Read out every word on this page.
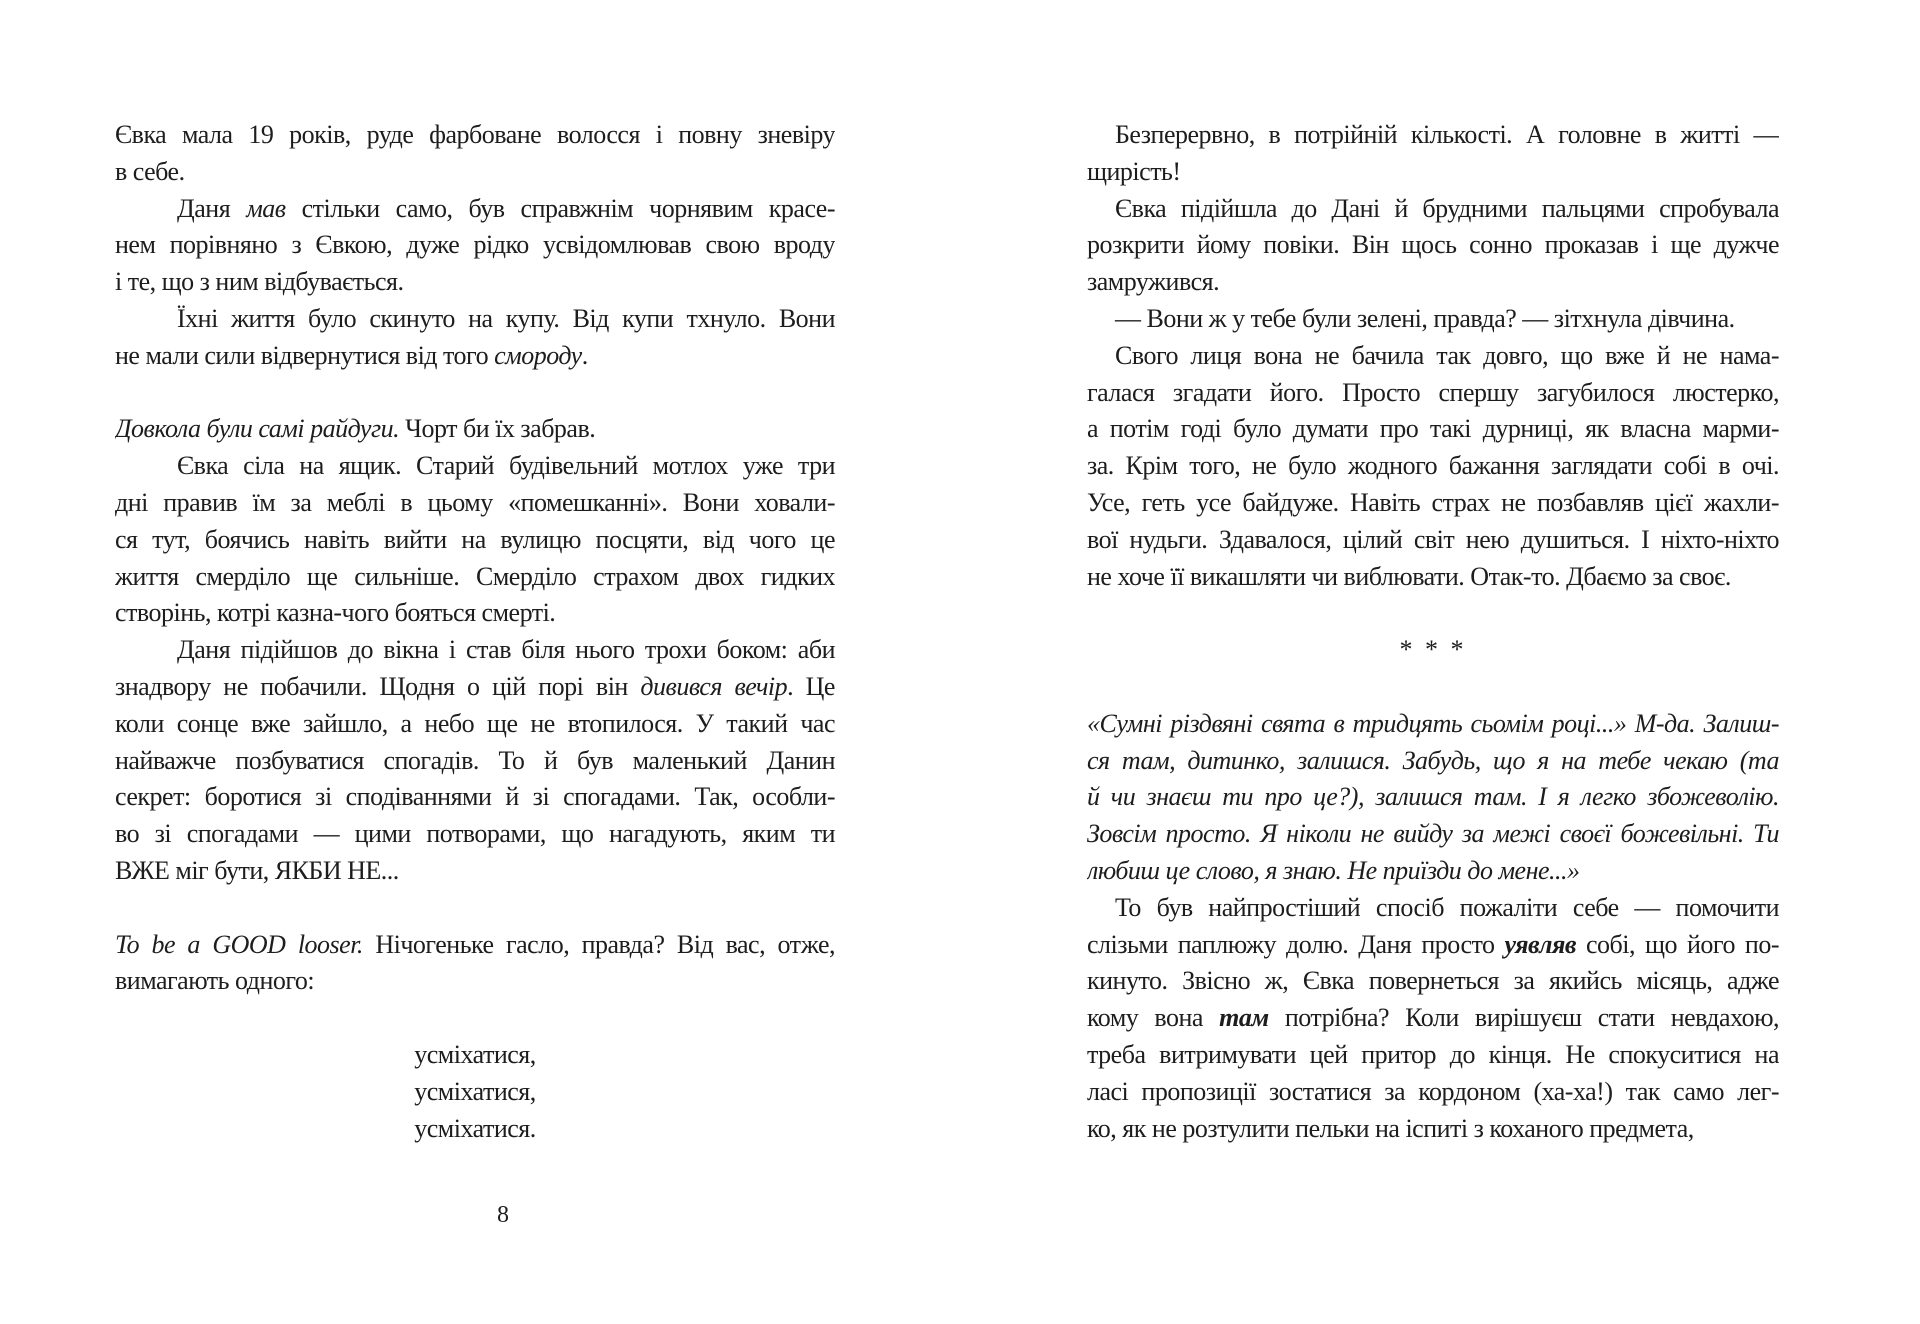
Євка мала 19 років, руде фарбоване волосся і повну зневіру
в себе.
Даня мав стільки само, був справжнім чорнявим красе-
нем порівняно з Євкою, дуже рідко усвідомлював свою вроду
і те, що з ним відбувається.
Їхні життя було скинуто на купу. Від купи тхнуло. Вони
не мали сили відвернутися від того смороду.
Довкола були самі райдуги. Чорт би їх забрав.
Євка сіла на ящик. Старий будівельний мотлох уже три
дні правив їм за меблі в цьому «помешканні». Вони ховали-
ся тут, боячись навіть вийти на вулицю посцяти, від чого це
життя смерділо ще сильніше. Смерділо страхом двох гидких
створінь, котрі казна-чого бояться смерті.
Даня підійшов до вікна і став біля нього трохи боком: аби
знадвору не побачили. Щодня о цій порі він дивився вечір. Це
коли сонце вже зайшло, а небо ще не втопилося. У такий час
найважче позбуватися спогадів. То й був маленький Данин
секрет: боротися зі сподіваннями й зі спогадами. Так, особли-
во зі спогадами — цими потворами, що нагадують, яким ти
ВЖЕ міг бути, ЯКБИ НЕ...
To be a GOOD looser. Нічогеньке гасло, правда? Від вас, отже,
вимагають одного:
усміхатися,
усміхатися,
усміхатися.
Безперервно, в потрійній кількості. А головне в житті —
щирість!
Євка підійшла до Дані й брудними пальцями спробувала
розкрити йому повіки. Він щось сонно проказав і ще дужче
замружився.
— Вони ж у тебе були зелені, правда? — зітхнула дівчина.
Свого лиця вона не бачила так довго, що вже й не нама-
галася згадати його. Просто спершу загубилося люстерко,
а потім годі було думати про такі дурниці, як власна марми-
за. Крім того, не було жодного бажання заглядати собі в очі.
Усе, геть усе байдуже. Навіть страх не позбавляв цієї жахли-
вої нудьги. Здавалося, цілий світ нею душиться. І ніхто-ніхто
не хоче її викашляти чи виблювати. Отак-то. Дбаємо за своє.
* * *
«Сумні різдвяні свята в тридцять сьомім році...» М-да. Залиш-
ся там, дитинко, залишся. Забудь, що я на тебе чекаю (та
й чи знаєш ти про це?), залишся там. І я легко збожеволію.
Зовсім просто. Я ніколи не вийду за межі своєї божевільні. Ти
любиш це слово, я знаю. Не приїзди до мене...»
То був найпростіший спосіб пожаліти себе — помочити
слізьми паплюжу долю. Даня просто уявляв собі, що його по-
кинуто. Звісно ж, Євка повернеться за якийсь місяць, адже
кому вона там потрібна? Коли вирішуєш стати невдахою,
треба витримувати цей притор до кінця. Не спокуситися на
ласі пропозиції зостатися за кордоном (ха-ха!) так само лег-
ко, як не розтулити пельки на іспиті з коханого предмета,
8
